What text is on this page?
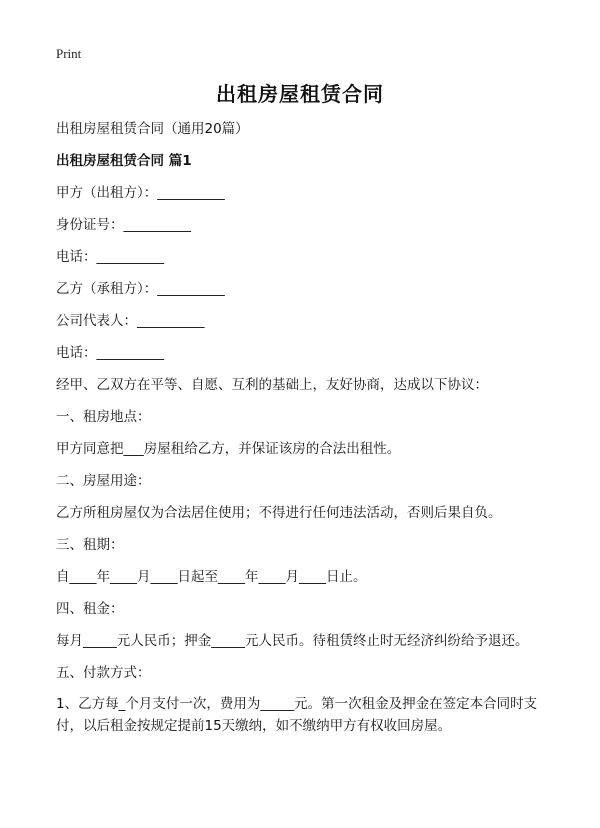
Print
出租房屋租赁合同
出租房屋租赁合同（通用20篇）
出租房屋租赁合同 篇1
甲方（出租方）：__________
身份证号：__________
电话：__________
乙方（承租方）：__________
公司代表人：__________
电话：__________
经甲、乙双方在平等、自愿、互利的基础上，友好协商，达成以下协议：
一、租房地点：
甲方同意把___房屋租给乙方，并保证该房的合法出租性。
二、房屋用途：
乙方所租房屋仅为合法居住使用；不得进行任何违法活动，否则后果自负。
三、租期：
自____年____月____日起至____年____月____日止。
四、租金：
每月_____元人民币；押金_____元人民币。待租赁终止时无经济纠纷给予退还。
五、付款方式：
1、乙方每_个月支付一次，费用为_____元。第一次租金及押金在签定本合同时支付，以后租金按规定提前15天缴纳，如不缴纳甲方有权收回房屋。
